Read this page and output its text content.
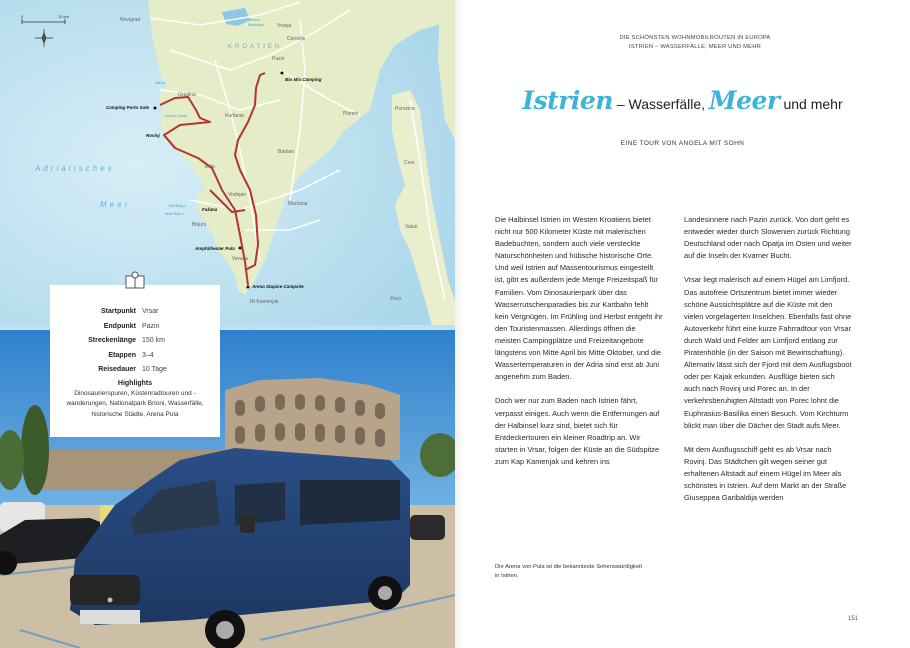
0	10 km
Novigrad
Vranja
Cerovlje
Pazin
Gradina
Kurfanar
Barban
Bale
Vodnjan
Marčana
Brijuni
Veruda
Plomin
Porozina
Cres
Valun
Zeco
Rt Kamenjak
Jezero
Butoniga
Mirna
Limski kanal
Veli Brijun
Mali Brijun
KROATIEN
Adriatisches
Meer
Camping Porto Sole
Bio Mia Camping
Amphitheater Pula
Arena Stupice Campsite
Rovinj
Fažana
Startpunkt Vrsar
Endpunkt Pazin
Streckenlänge 150 km
Etappen 3–4
Reisedauer 10 Tage
Highlights
Dinosaurierspuren, Küstenradtouren und -wanderungen, Nationalpark Brioni, Wasserfälle, historische Städte, Arena Pula
DIE SCHÖNSTEN WOHNMOBILROUTEN IN EUROPA
ISTRIEN – WASSERFÄLLE, MEER UND MEHR
Istrien – Wasserfälle, Meer und mehr
EINE TOUR VON ANGELA MIT SOHN

Die Halbinsel Istrien im Westen Kroatiens bietet nicht nur 500 Kilometer Küste mit malerischen Badebuchten, sondern auch viele versteckte Naturschönheiten und hübsche historische Orte. Und weil Istrien auf Massentourismus eingestellt ist, gibt es außerdem jede Menge Freizeitspaß für Familien. Vom Dinosaurierpark über das Wasserrutschenparadies bis zur Kartbahn fehlt kein Vergnügen. Im Frühling und Herbst entgeht ihr den Touristenmassen. Allerdings öffnen die meisten Campingplätze und Freizeitangebote längstens von Mitte April bis Mitte Oktober, und die Wassertemperaturen in der Adria sind erst ab Juni angenehm zum Baden.

Doch wer nur zum Baden nach Istrien fährt, verpasst einiges. Auch wenn die Entfernungen auf der Halbinsel kurz sind, bietet sich für Entdeckertouren ein kleiner Roadtrip an. Wir starten in Vrsar, folgen der Küste an die Südspitze zum Kap Kamenjak und kehren ins

Landesinnere nach Pazin zurück. Von dort geht es entweder wieder durch Slowenien zurück Richtung Deutschland oder nach Opatja im Osten und weiter auf die Inseln der Kvarner Bucht.

Vrsar liegt malerisch auf einem Hügel am Limfjord. Das autofreie Ortszentrum bietet immer wieder schöne Aussichtsplätze auf die Küste mit den vielen vorgelagerten Inselchen. Ebenfalls fast ohne Autoverkehr führt eine kurze Fahrradtour von Vrsar durch Wald und Felder am Limfjord entlang zur Piratenhöhle (in der Saison mit Bewirtschaftung). Alternativ lässt sich der Fjord mit dem Ausflugsboot oder per Kajak erkunden. Ausflüge bieten sich auch nach Rovinj und Porec an. In der verkehrsberuhigten Altstadt von Porec lohnt die Euphrasius-Basilika einen Besuch. Vom Kirchturm blickt man über die Dächer der Stadt aufs Meer.

Mit dem Ausflugsschiff geht es ab Vrsar nach Rovinj. Das Städtchen gilt wegen seiner gut erhaltenen Altstadt auf einem Hügel im Meer als schönstes in Istrien. Auf dem Markt an der Straße Giuseppea Garibaldija werden

Die Arena von Pula ist die bekannteste Sehenswürdigkeit in Istrien.
151
